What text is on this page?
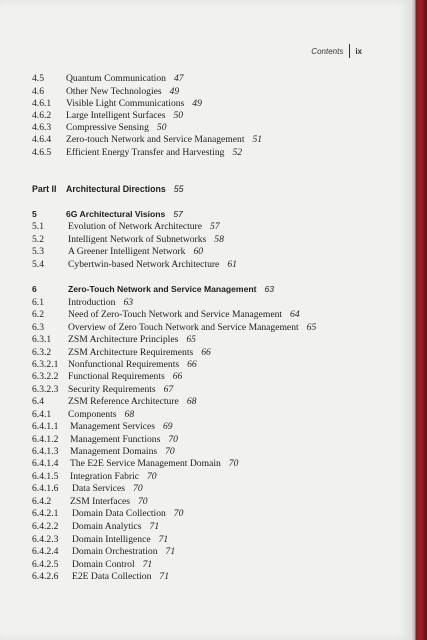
Contents ix
4.5 Quantum Communication 47
4.6 Other New Technologies 49
4.6.1 Visible Light Communications 49
4.6.2 Large Intelligent Surfaces 50
4.6.3 Compressive Sensing 50
4.6.4 Zero-touch Network and Service Management 51
4.6.5 Efficient Energy Transfer and Harvesting 52
Part II Architectural Directions 55
5	6G Architectural Visions 57
5.1	Evolution of Network Architecture 57
5.2	Intelligent Network of Subnetworks 58
5.3	A Greener Intelligent Network 60
5.4	Cybertwin-based Network Architecture 61
6	Zero-Touch Network and Service Management 63
6.1	Introduction 63
6.2	Need of Zero-Touch Network and Service Management 64
6.3	Overview of Zero Touch Network and Service Management 65
6.3.1 ZSM Architecture Principles 65
6.3.2 ZSM Architecture Requirements 66
6.3.2.1 Nonfunctional Requirements 66
6.3.2.2 Functional Requirements 66
6.3.2.3 Security Requirements 67
6.4	ZSM Reference Architecture 68
6.4.1 Components 68
6.4.1.1 Management Services 69
6.4.1.2 Management Functions 70
6.4.1.3 Management Domains 70
6.4.1.4 The E2E Service Management Domain 70
6.4.1.5 Integration Fabric 70
6.4.1.6 Data Services 70
6.4.2 ZSM Interfaces 70
6.4.2.1 Domain Data Collection 70
6.4.2.2 Domain Analytics 71
6.4.2.3 Domain Intelligence 71
6.4.2.4 Domain Orchestration 71
6.4.2.5 Domain Control 71
6.4.2.6 E2E Data Collection 71
